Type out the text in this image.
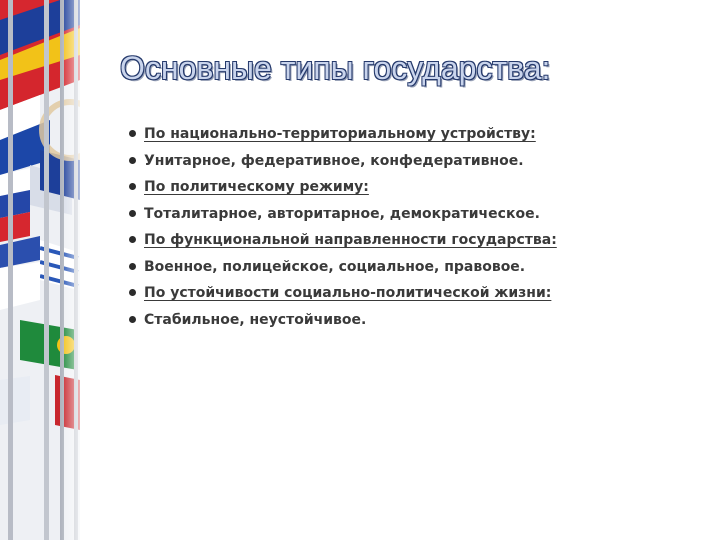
Основные типы государства:
По национально-территориальному устройству:
Унитарное, федеративное, конфедеративное.
По политическому режиму:
Тоталитарное, авторитарное, демократическое.
По функциональной направленности государства:
Военное, полицейское, социальное, правовое.
По устойчивости социально-политической жизни:
Стабильное, неустойчивое.
